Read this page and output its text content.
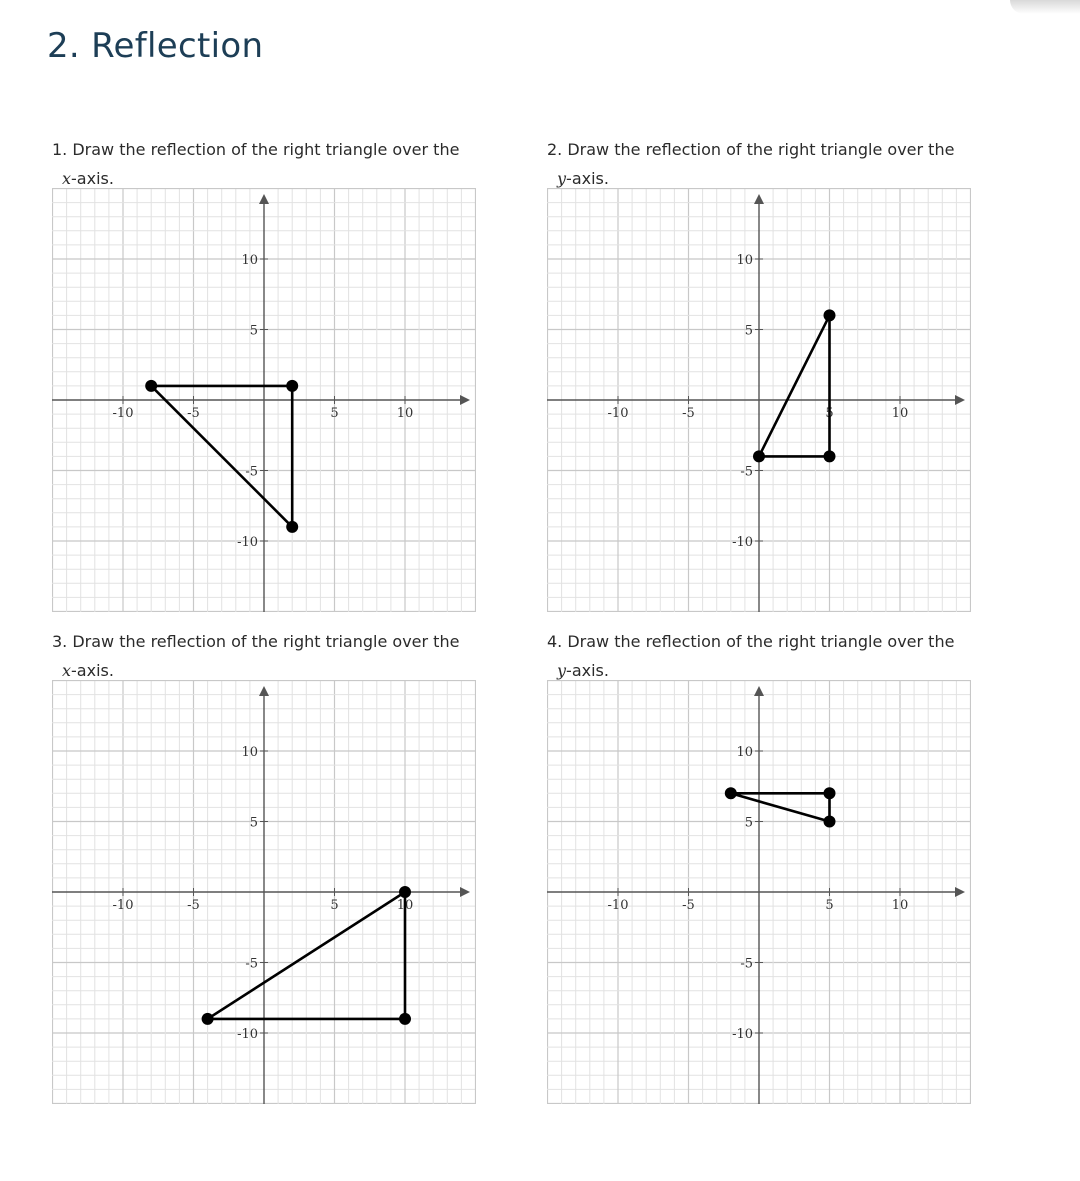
2. Reflection
1. Draw the reflection of the right triangle over the
x-axis.
-10	-5	5	10
10
5
-5
-10
2. Draw the reflection of the right triangle over the
y-axis.
-10	-5	5	10
10
5
-5
-10
3. Draw the reflection of the right triangle over the
x-axis.
-10	-5	5	10
10
5
-5
-10
4. Draw the reflection of the right triangle over the
y-axis.
-10	-5	5	10
10
5
-5
-10
